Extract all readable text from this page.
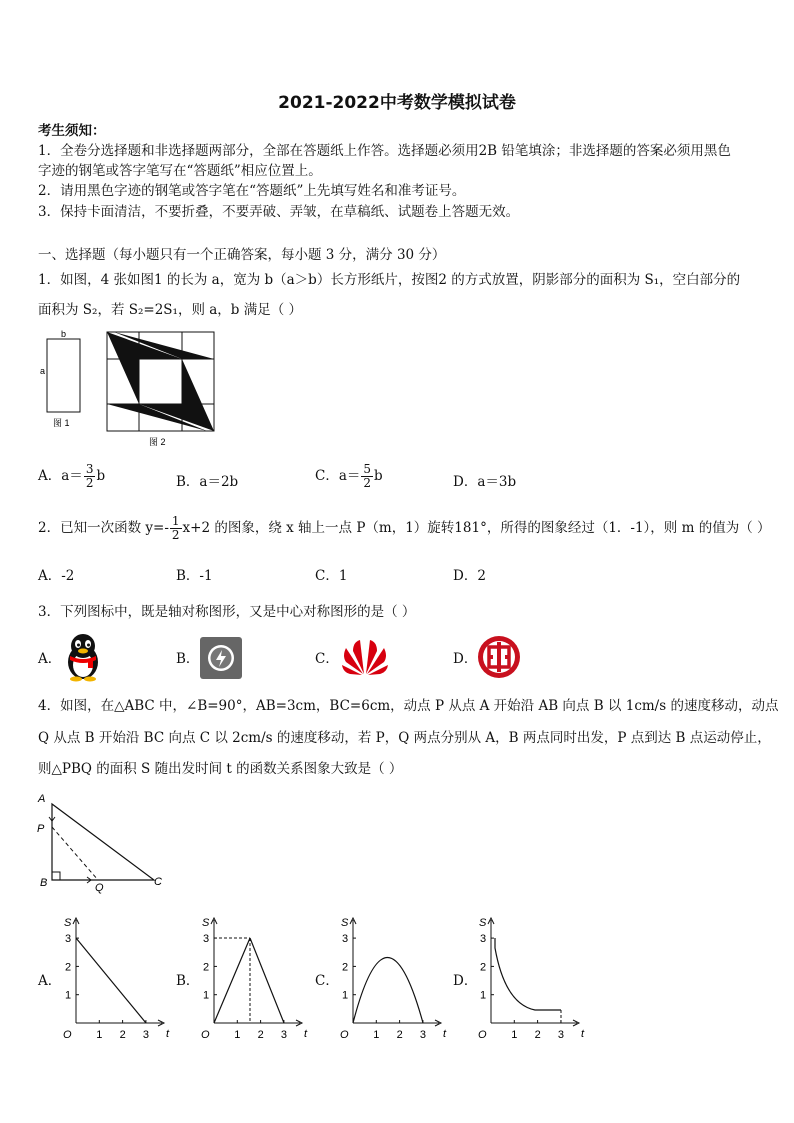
2021-2022中考数学模拟试卷
考生须知：
1．全卷分选择题和非选择题两部分，全部在答题纸上作答。选择题必须用2B 铅笔填涂；非选择题的答案必须用黑色
字迹的钢笔或答字笔写在“答题纸”相应位置上。
2．请用黑色字迹的钢笔或答字笔在“答题纸”上先填写姓名和准考证号。
3．保持卡面清洁，不要折叠，不要弄破、弄皱，在草稿纸、试题卷上答题无效。
一、选择题（每小题只有一个正确答案，每小题 3 分，满分 30 分）
1．如图，4 张如图1 的长为 a，宽为 b（a＞b）长方形纸片，按图2 的方式放置，阴影部分的面积为 S₁，空白部分的
面积为 S₂，若 S₂=2S₁，则 a，b 满足（ ）
b
a
图 1
图 2
A．$a= \frac{3}{2}$ b	B．a＝2b	C．$a= \frac{5}{2}$ b	D．a＝3b
2．已知一次函数 $y=- \frac{1}{2} x+2$ 的图象，绕 x 轴上一点 P（m，1）旋转181°，所得的图象经过（1．-1），则 m 的值为（ ）
A．-2	B．-1	C．1	D．2
3．下列图标中，既是轴对称图形，又是中心对称图形的是（ ）
A．	B．	C．	D．
4．如图，在△ABC 中，∠B=90°，AB=3cm，BC=6cm，动点 P 从点 A 开始沿 AB 向点 B 以 1cm/s 的速度移动，动点
Q 从点 B 开始沿 BC 向点 C 以 2cm/s 的速度移动，若 P，Q 两点分别从 A，B 两点同时出发，P 点到达 B 点运动停止，
则△PBQ 的面积 S 随出发时间 t 的函数关系图象大致是（ ）
A
P
B	Q	C
A．	B．	C．	D．
S
t
O 1
1
2
2
3
3
S
t
O 1
1
2
2
3
3
S
t
O 1
1
2
2
3
3
S
t
O 1
1
2
2
3
3
